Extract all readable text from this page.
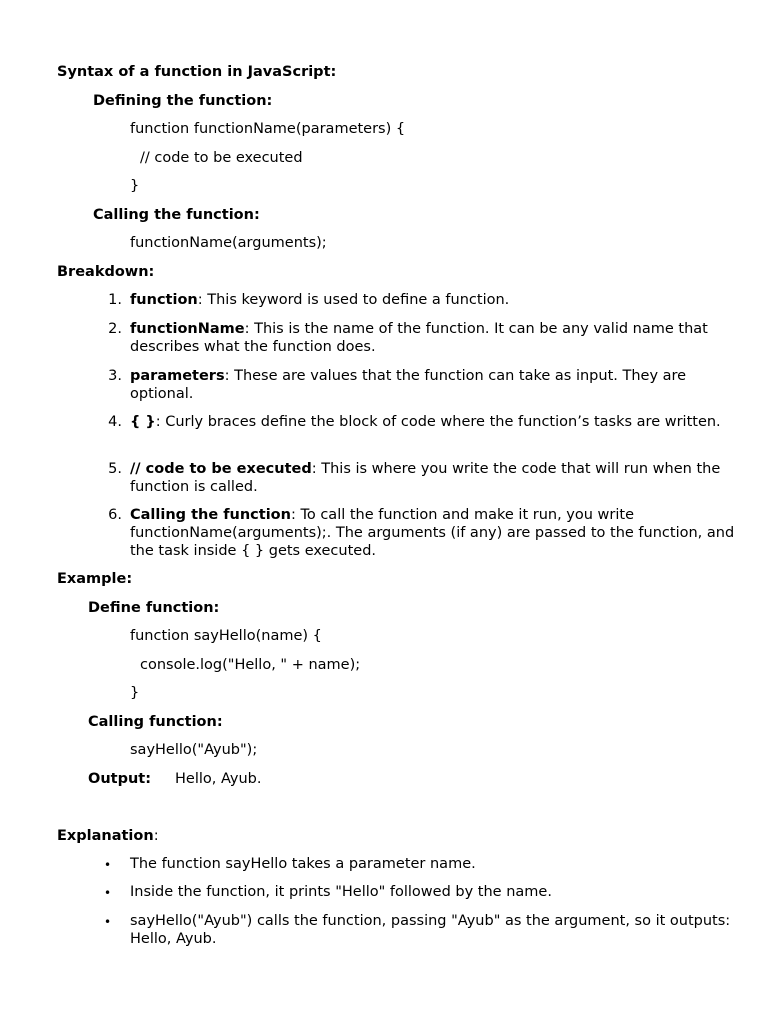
Syntax of a function in JavaScript:
Defining the function:
function functionName(parameters) {
// code to be executed
}
Calling the function:
functionName(arguments);
Breakdown:
1. function: This keyword is used to define a function.
2. functionName: This is the name of the function. It can be any valid name that describes what the function does.
3. parameters: These are values that the function can take as input. They are optional.
4. { }: Curly braces define the block of code where the function’s tasks are written.
5. // code to be executed: This is where you write the code that will run when the function is called.
6. Calling the function: To call the function and make it run, you write functionName(arguments);. The arguments (if any) are passed to the function, and the task inside { } gets executed.
Example:
Define function:
function sayHello(name) {
console.log("Hello, " + name);
}
Calling function:
sayHello("Ayub");
Output: Hello, Ayub.
Explanation:
• The function sayHello takes a parameter name.
• Inside the function, it prints "Hello" followed by the name.
• sayHello("Ayub") calls the function, passing "Ayub" as the argument, so it outputs: Hello, Ayub.
